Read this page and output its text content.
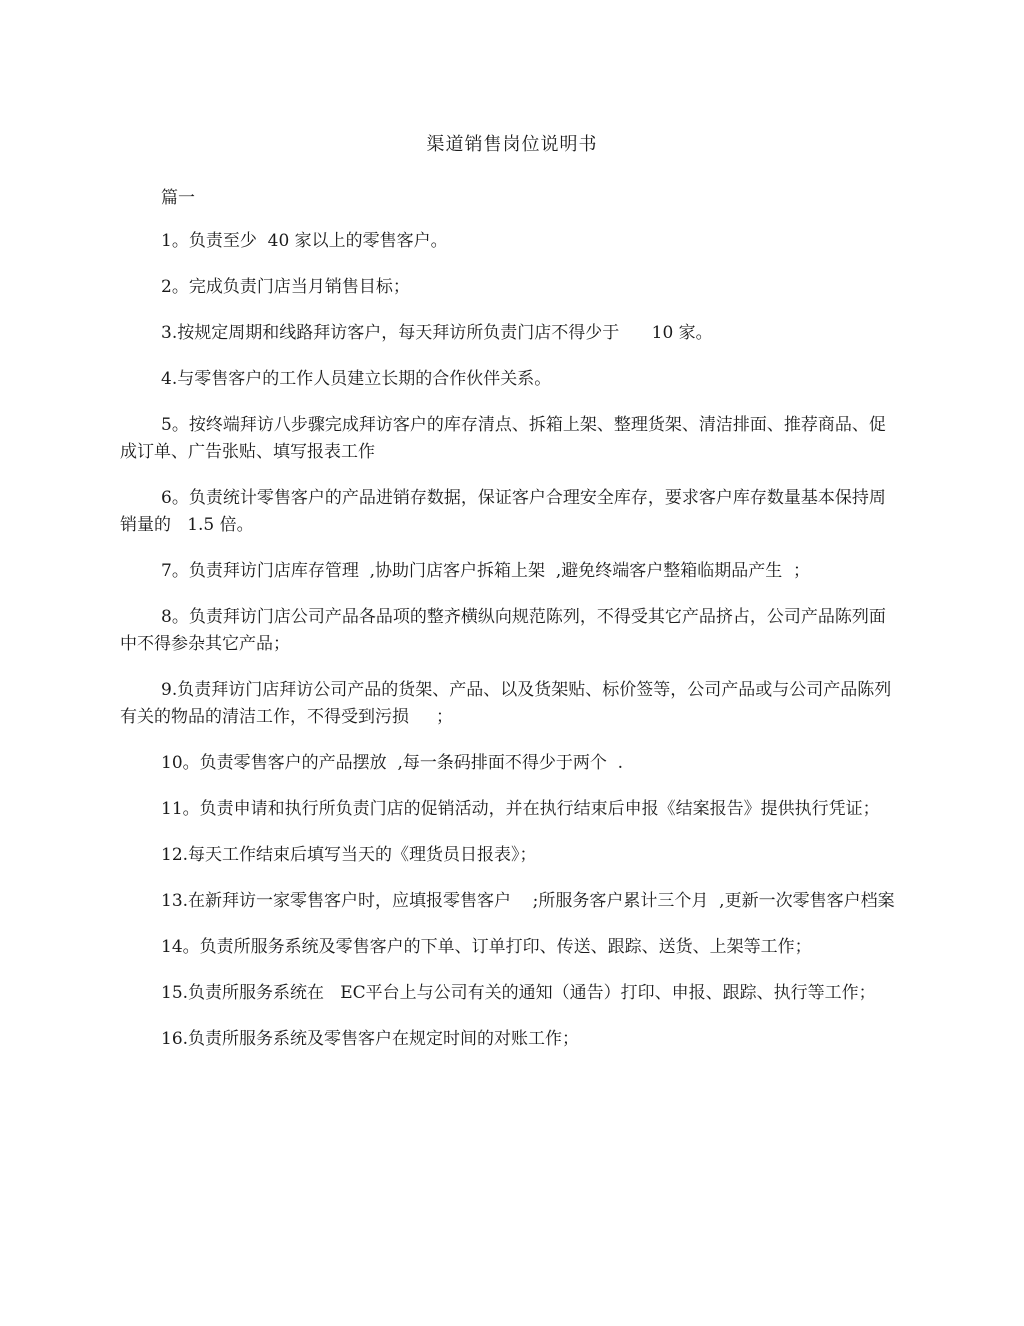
渠道销售岗位说明书
篇一

1。负责至少  40 家以上的零售客户。

2。完成负责门店当月销售目标；

3.按规定周期和线路拜访客户，每天拜访所负责门店不得少于      10 家。

4.与零售客户的工作人员建立长期的合作伙伴关系。

5。按终端拜访八步骤完成拜访客户的库存清点、拆箱上架、整理货架、清洁排面、推荐商品、促成订单、广告张贴、填写报表工作

6。负责统计零售客户的产品进销存数据，保证客户合理安全库存，要求客户库存数量基本保持周销量的   1.5 倍。

7。负责拜访门店库存管理  ,协助门店客户拆箱上架  ,避免终端客户整箱临期品产生  ；

8。负责拜访门店公司产品各品项的整齐横纵向规范陈列，不得受其它产品挤占，公司产品陈列面中不得参杂其它产品；

9.负责拜访门店拜访公司产品的货架、产品、以及货架贴、标价签等，公司产品或与公司产品陈列有关的物品的清洁工作，不得受到污损     ；

10。负责零售客户的产品摆放  ,每一条码排面不得少于两个  .

11。负责申请和执行所负责门店的促销活动，并在执行结束后申报《结案报告》提供执行凭证；

12.每天工作结束后填写当天的《理货员日报表》；

13.在新拜访一家零售客户时，应填报零售客户    ;所服务客户累计三个月  ,更新一次零售客户档案

14。负责所服务系统及零售客户的下单、订单打印、传送、跟踪、送货、上架等工作；

15.负责所服务系统在   EC平台上与公司有关的通知（通告）打印、申报、跟踪、执行等工作；

16.负责所服务系统及零售客户在规定时间的对账工作；
